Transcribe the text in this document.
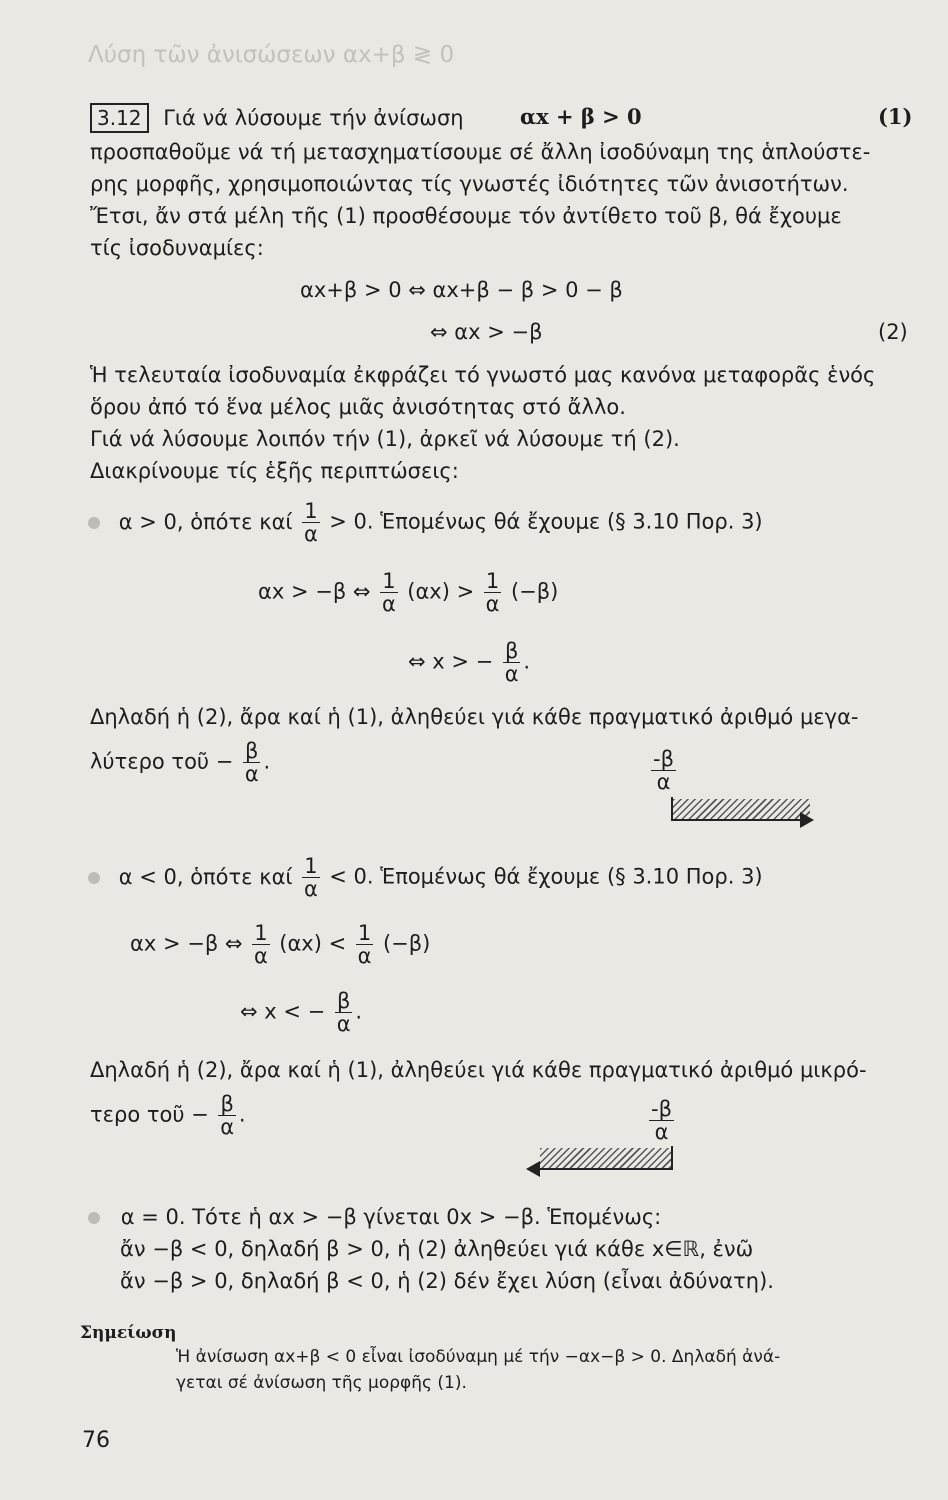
Λύση τῶν ἀνισώσεων αx+β ≷ 0
3.12 Γιά νά λύσουμε τήν ἀνίσωση	αx + β > 0	(1)
προσπαθοῦμε νά τή μετασχηματίσουμε σέ ἄλλη ἰσοδύναμη της ἁπλούστε-
ρης μορφῆς, χρησιμοποιώντας τίς γνωστές ἰδιότητες τῶν ἀνισοτήτων.
Ἔτσι, ἄν στά μέλη τῆς (1) προσθέσουμε τόν ἀντίθετο τοῦ β, θά ἔχουμε
τίς ἰσοδυναμίες:
αx+β > 0 ⇔ αx+β − β > 0 − β
⇔ αx > −β	(2)
Ἡ τελευταία ἰσοδυναμία ἐκφράζει τό γνωστό μας κανόνα μεταφορᾶς ἑνός
ὅρου ἀπό τό ἕνα μέλος μιᾶς ἀνισότητας στό ἄλλο.
Γιά νά λύσουμε λοιπόν τήν (1), ἀρκεῖ νά λύσουμε τή (2).
Διακρίνουμε τίς ἑξῆς περιπτώσεις:
α > 0, ὁπότε καί $\frac{1}{\alpha} > 0$. Ἑπομένως θά ἔχουμε (§ 3.10 Πορ. 3)
αx > −β ⇔ $\frac{1}{\alpha} (\alpha x) > \frac{1}{\alpha} (-\beta)$
⇔ x > − $\frac{\beta}{\alpha}$ .
Δηλαδή ἡ (2), ἄρα καί ἡ (1), ἀληθεύει γιά κάθε πραγματικό ἀριθμό μεγα-
λύτερο τοῦ − $\frac{\beta}{\alpha}$ .	$\frac{-\beta}{\alpha}$
α < 0, ὁπότε καί $\frac{1}{\alpha} < 0$. Ἑπομένως θά ἔχουμε (§ 3.10 Πορ. 3)
αx > −β ⇔ $\frac{1}{\alpha} (\alpha x) < \frac{1}{\alpha} (-\beta)$
⇔ x < − $\frac{\beta}{\alpha}$ .
Δηλαδή ἡ (2), ἄρα καί ἡ (1), ἀληθεύει γιά κάθε πραγματικό ἀριθμό μικρό-
τερο τοῦ − $\frac{\beta}{\alpha}$ .	$\frac{-\beta}{\alpha}$
α = 0. Τότε ἡ αx > −β γίνεται 0x > −β. Ἑπομένως:
ἄν −β < 0, δηλαδή β > 0, ἡ (2) ἀληθεύει γιά κάθε x∈ℝ, ἐνῶ
ἄν −β > 0, δηλαδή β < 0, ἡ (2) δέν ἔχει λύση (εἶναι ἀδύνατη).
Σημείωση
Ἡ ἀνίσωση αx+β < 0 εἶναι ἰσοδύναμη μέ τήν −αx−β > 0. Δηλαδή ἀνά-
γεται σέ ἀνίσωση τῆς μορφῆς (1).
76
